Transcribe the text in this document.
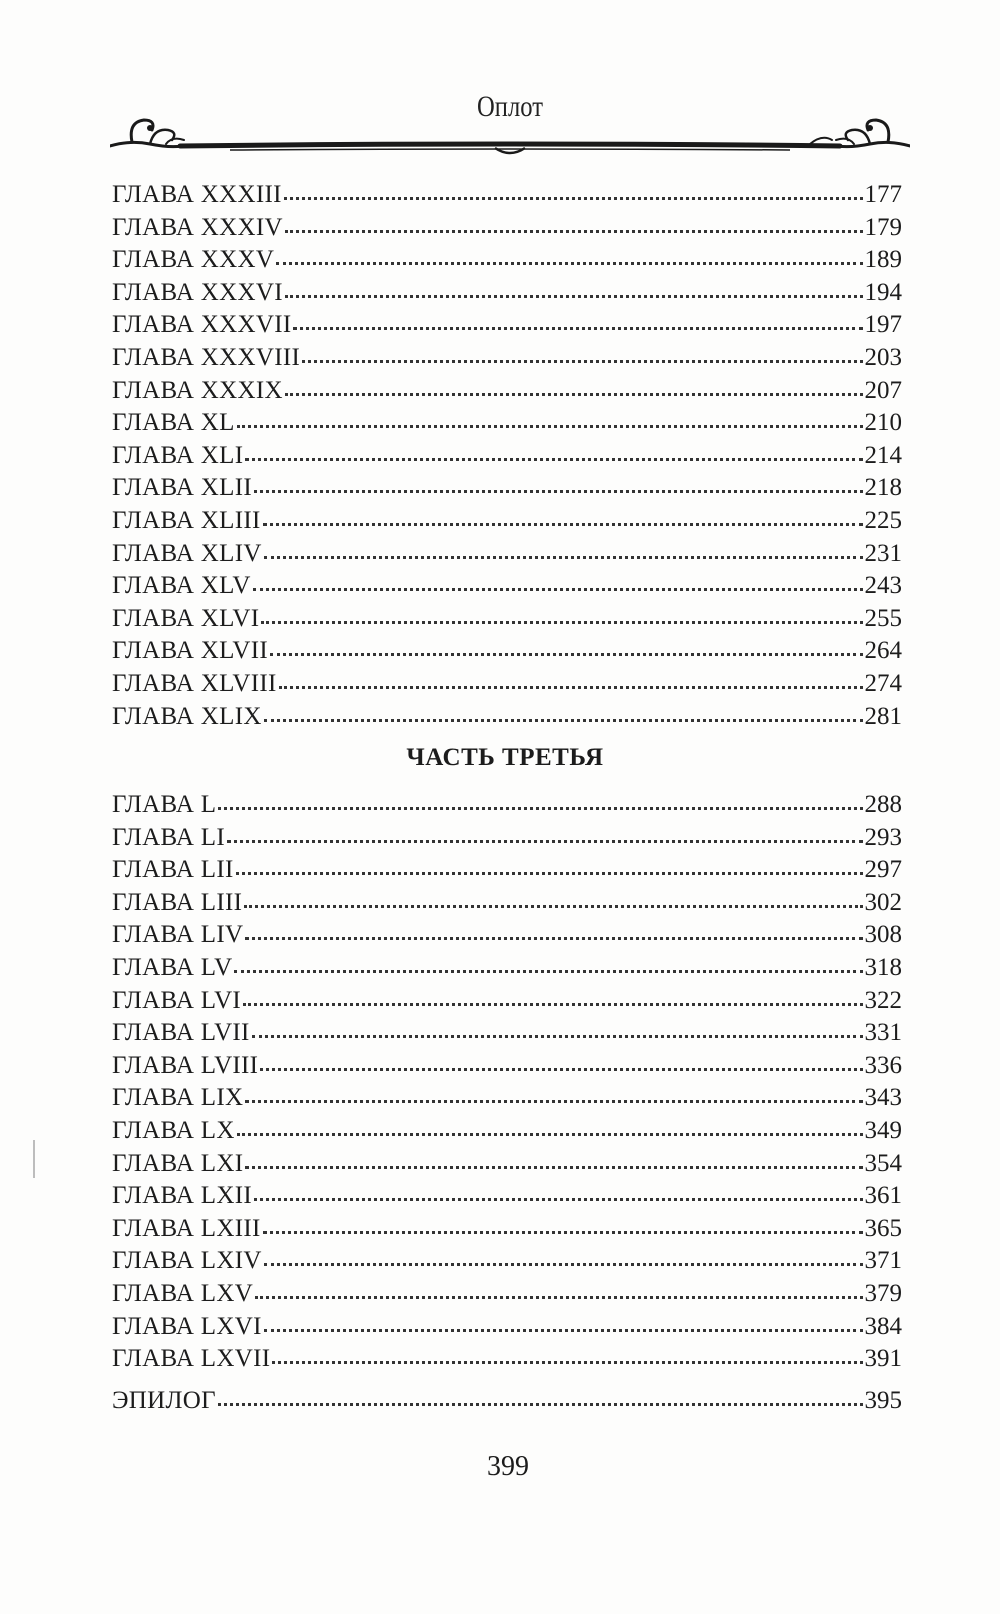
Оплот
ГЛАВА XXXIII	177
ГЛАВА XXXIV	179
ГЛАВА XXXV	189
ГЛАВА XXXVI	194
ГЛАВА XXXVII	197
ГЛАВА XXXVIII	203
ГЛАВА XXXIX	207
ГЛАВА XL	210
ГЛАВА XLI	214
ГЛАВА XLII	218
ГЛАВА XLIII	225
ГЛАВА XLIV	231
ГЛАВА XLV	243
ГЛАВА XLVI	255
ГЛАВА XLVII	264
ГЛАВА XLVIII	274
ГЛАВА XLIX	281
ЧАСТЬ ТРЕТЬЯ
ГЛАВА L	288
ГЛАВА LI	293
ГЛАВА LII	297
ГЛАВА LIII	302
ГЛАВА LIV	308
ГЛАВА LV	318
ГЛАВА LVI	322
ГЛАВА LVII	331
ГЛАВА LVIII	336
ГЛАВА LIX	343
ГЛАВА LX	349
ГЛАВА LXI	354
ГЛАВА LXII	361
ГЛАВА LXIII	365
ГЛАВА LXIV	371
ГЛАВА LXV	379
ГЛАВА LXVI	384
ГЛАВА LXVII	391
ЭПИЛОГ	395
399
